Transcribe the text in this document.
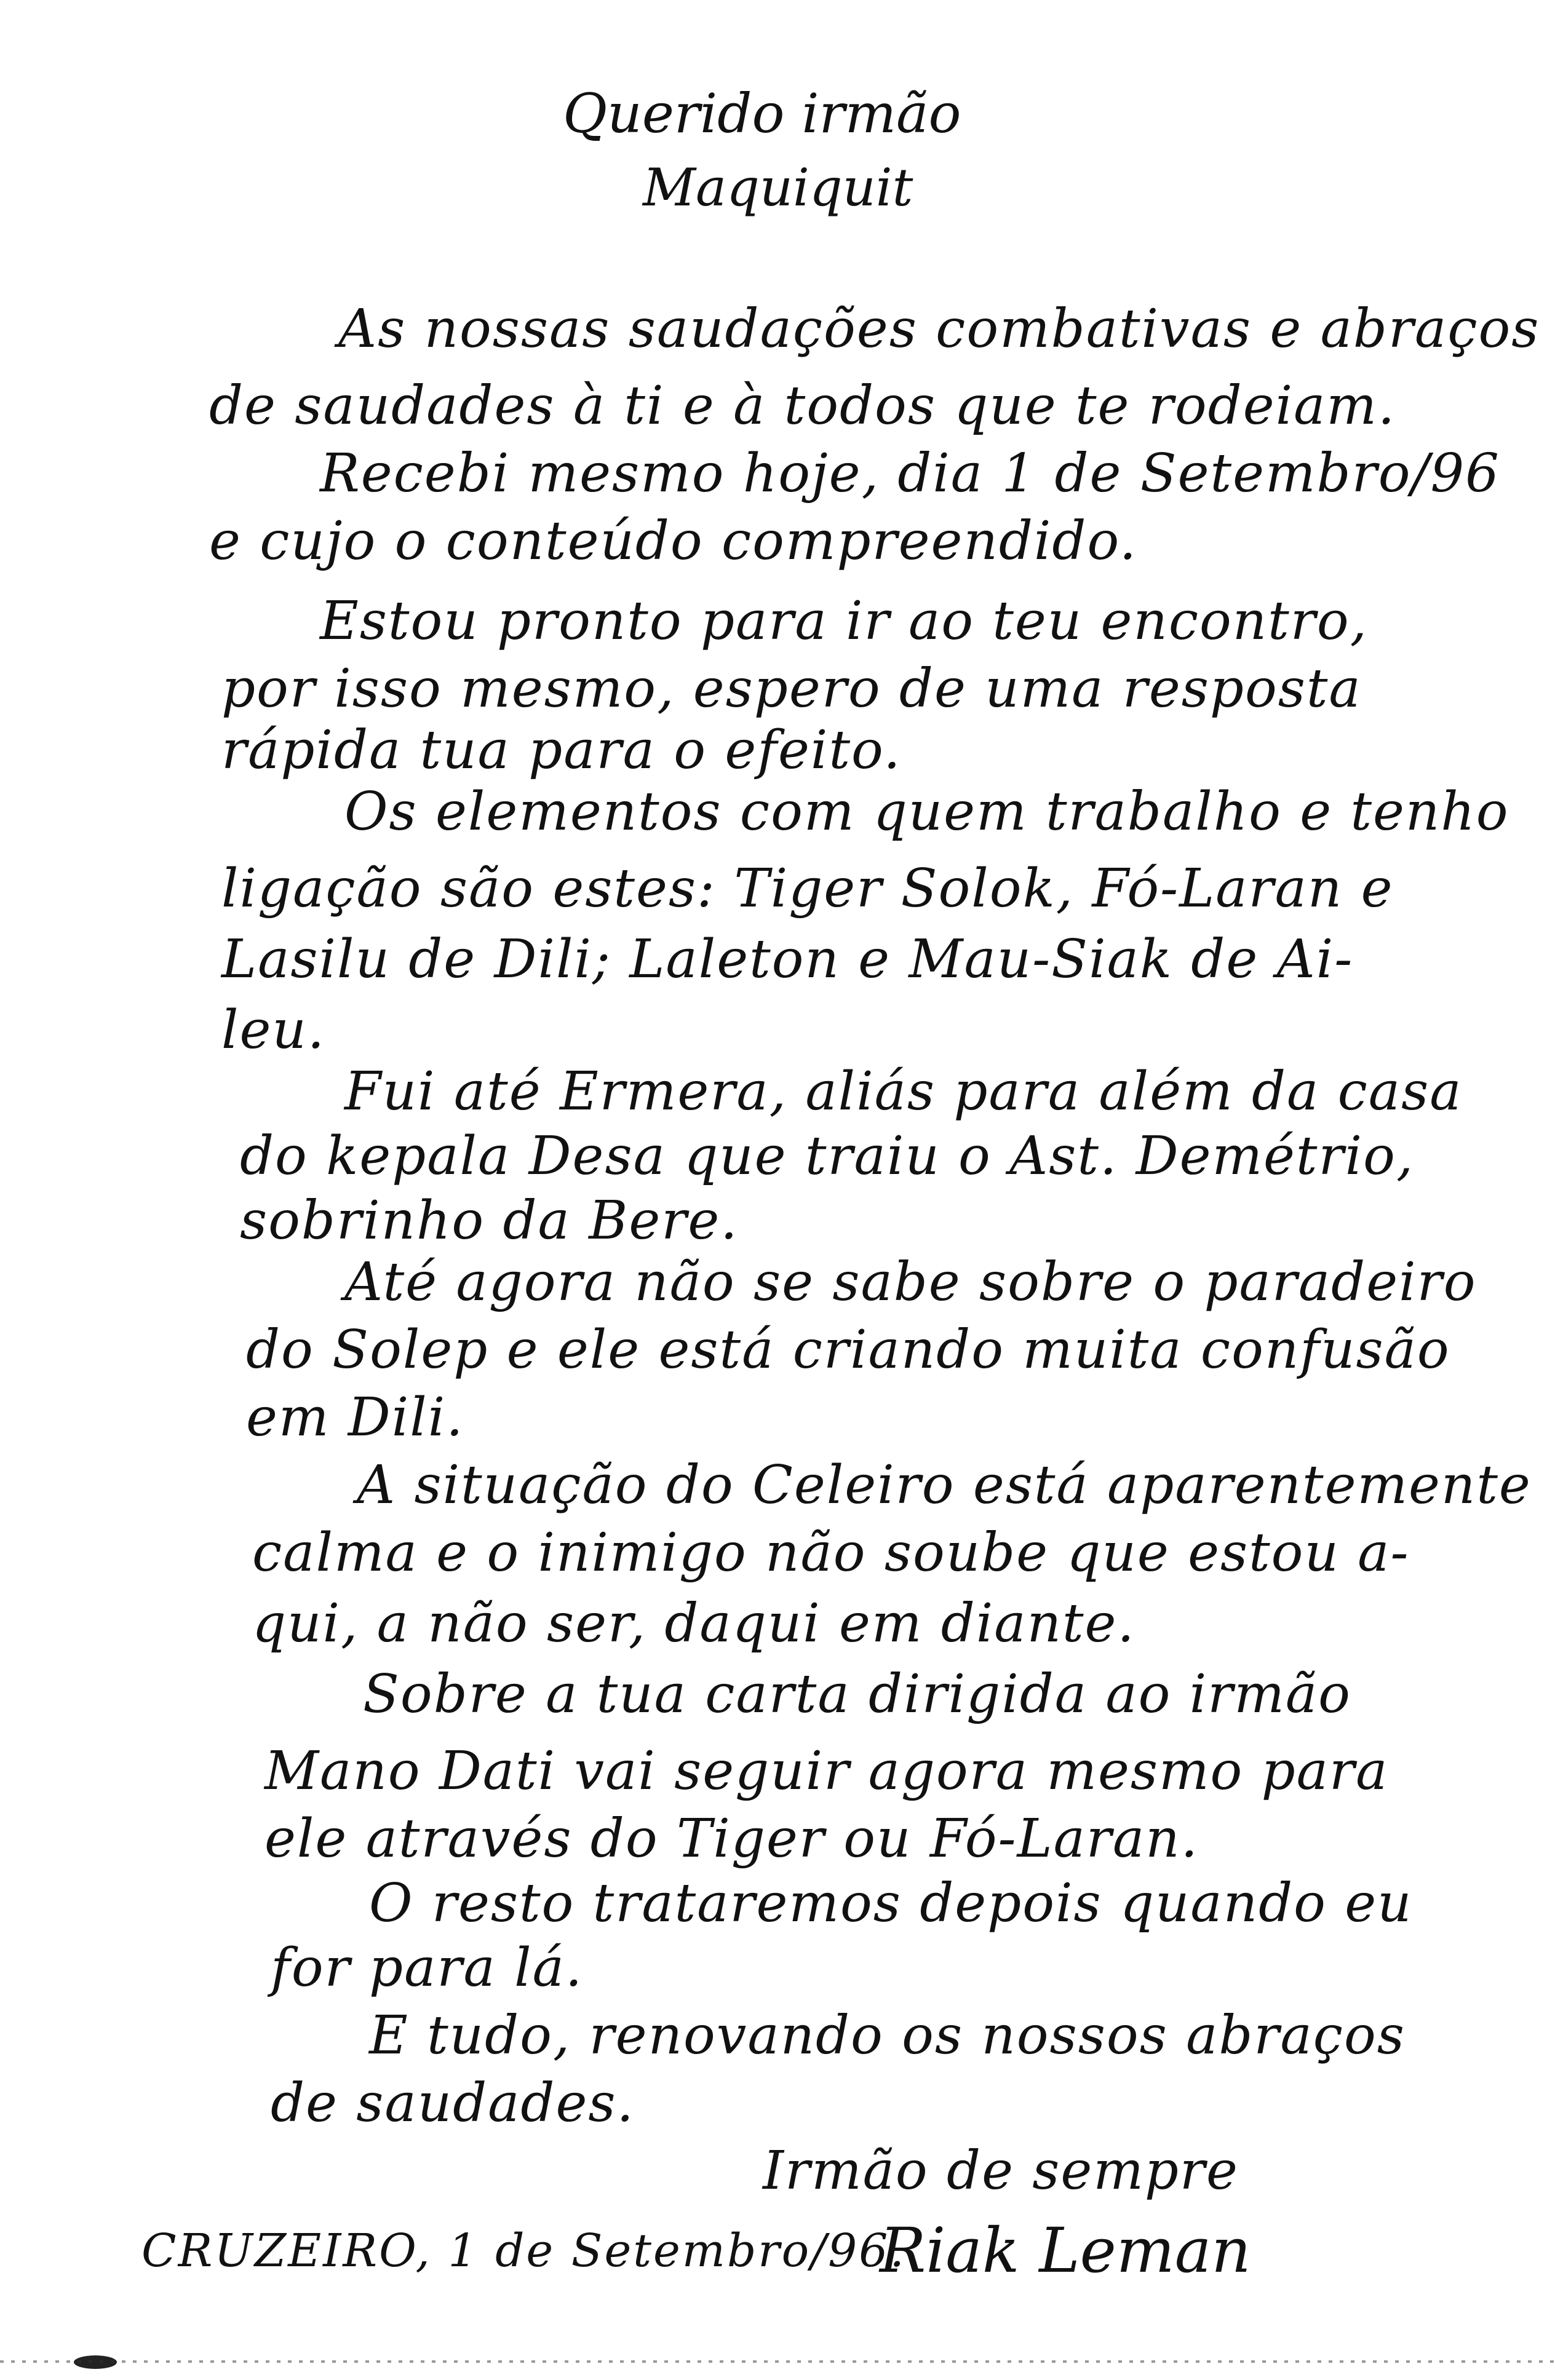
Querido irmão
Maquiquit
As nossas saudações combativas e abraços
de saudades à ti e à todos que te rodeiam.
Recebi mesmo hoje, dia 1 de Setembro/96
e cujo o conteúdo compreendido.
Estou pronto para ir ao teu encontro,
por isso mesmo, espero de uma resposta
rápida tua para o efeito.
Os elementos com quem trabalho e tenho
ligação são estes: Tiger Solok, Fó-Laran e
Lasilu de Dili; Laleton e Mau-Siak de Ai-
leu.
Fui até Ermera, aliás para além da casa
do kepala Desa que traiu o Ast. Demétrio,
sobrinho da Bere.
Até agora não se sabe sobre o paradeiro
do Solep e ele está criando muita confusão
em Dili.
A situação do Celeiro está aparentemente
calma e o inimigo não soube que estou a-
qui, a não ser, daqui em diante.
Sobre a tua carta dirigida ao irmão
Mano Dati vai seguir agora mesmo para
ele através do Tiger ou Fó-Laran.
O resto trataremos depois quando eu
for para lá.
E tudo, renovando os nossos abraços
de saudades.
Irmão de sempre
CRUZEIRO, 1 de Setembro/96.
Riak Leman
